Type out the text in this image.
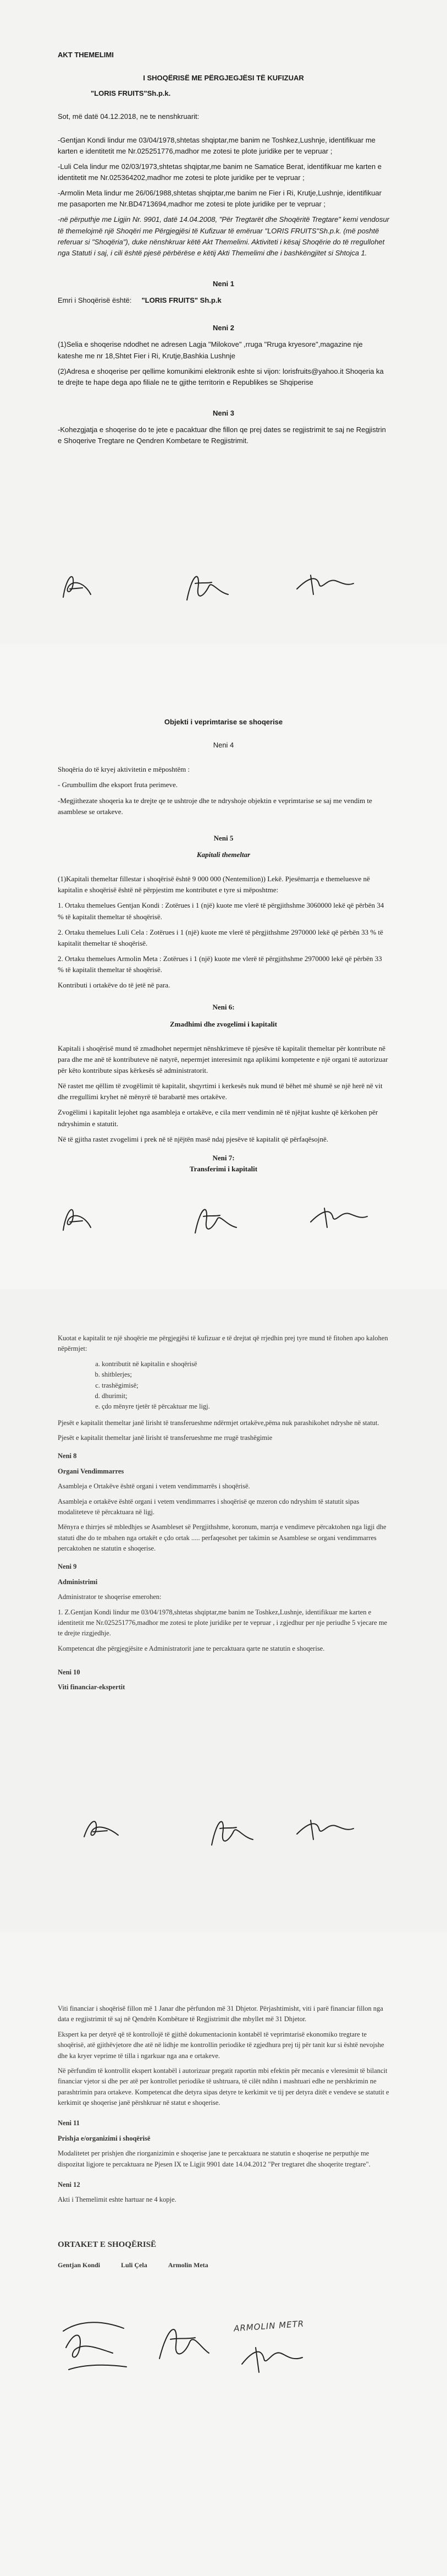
AKT THEMELIMI

I SHOQËRISË ME PËRGJEGJËSI TË KUFIZUAR

"LORIS FRUITS"Sh.p.k.

Sot, më datë 04.12.2018, ne te nenshkruarit:

-Gentjan Kondi lindur me 03/04/1978,shtetas shqiptar,me banim ne Toshkez,Lushnje, identifikuar me karten e identitetit me Nr.025251776,madhor me zotesi te plote juridike per te vepruar ;

-Luli Cela lindur me 02/03/1973,shtetas shqiptar,me banim ne Samatice Berat, identifikuar me karten e identitetit me Nr.025364202,madhor me zotesi te plote juridike per te vepruar ;

-Armolin Meta lindur me 26/06/1988,shtetas shqiptar,me banim ne Fier i Ri, Krutje,Lushnje, identifikuar me pasaporten me Nr.BD4713694,madhor me zotesi te plote juridike per te vepruar ;

-në përputhje me Ligjin Nr. 9901, datë 14.04.2008, "Për Tregtarët dhe Shoqëritë Tregtare" kemi vendosur të themelojmë një Shoqëri me Përgjegjësi të Kufizuar të emëruar "LORIS FRUITS"Sh.p.k. (më poshtë referuar si "Shoqëria"), duke nënshkruar këtë Akt Themelimi. Aktiviteti i kësaj Shoqërie do të rregullohet nga Statuti i saj, i cili është pjesë përbërëse e këtij Akti Themelimi dhe i bashkëngjitet si Shtojca 1.

Neni 1

Emri i Shoqërisë është: "LORIS FRUITS" Sh.p.k

Neni 2

(1)Selia e shoqerise ndodhet ne adresen Lagja "Milokove" ,rruga "Rruga kryesore",magazine nje kateshe me nr 18,Shtet Fier i Ri, Krutje,Bashkia Lushnje

(2)Adresa e shoqerise per qellime komunikimi elektronik eshte si vijon: lorisfruits@yahoo.it Shoqeria ka te drejte te hape dega apo filiale ne te gjithe territorin e Republikes se Shqiperise

Neni 3

-Kohezgjatja e shoqerise do te jete e pacaktuar dhe fillon qe prej dates se regjistrimit te saj ne Regjistrin e Shoqerive Tregtare ne Qendren Kombetare te Regjistrimit.

Objekti i veprimtarise se shoqerise
Neni 4

Shoqëria do të kryej aktivitetin e mëposhtëm :

- Grumbullim dhe eksport fruta perimeve.

-Megjithezate shoqeria ka te drejte qe te ushtroje dhe te ndryshoje objektin e veprimtarise se saj me vendim te asamblese se ortakeve.

Neni 5
Kapitali themeltar

(1)Kapitali themeltar fillestar i shoqërisë është 9 000 000 (Nentemilion)) Lekë. Pjesëmarrja e themeluesve në kapitalin e shoqërisë është në përpjestim me kontributet e tyre si mëposhtme:

1. Ortaku themelues Gentjan Kondi : Zotërues i 1 (një) kuote me vlerë të përgjithshme 3060000 lekë që përbën 34 % të kapitalit themeltar të shoqërisë.

2. Ortaku themelues Luli Cela : Zotërues i 1 (një) kuote me vlerë të përgjithshme 2970000 lekë që përbën 33 % të kapitalit themeltar të shoqërisë.

2. Ortaku themelues Armolin Meta : Zotërues i 1 (një) kuote me vlerë të përgjithshme 2970000 lekë që përbën 33 % të kapitalit themeltar të shoqërisë.

Kontributi i ortakëve do të jetë në para.

Neni 6:
Zmadhimi dhe zvogelimi i kapitalit

Kapitali i shoqërisë mund të zmadhohet nepermjet nënshkrimeve të pjesëve të kapitalit themeltar për kontribute në para dhe me anë të kontributeve në natyrë, nepermjet interesimit nga aplikimi kompetente e një organi të autorizuar për këto kontribute sipas kërkesës së administratorit.

Në rastet me qëllim të zvogëlimit të kapitalit, shqyrtimi i kerkesës nuk mund të bëhet më shumë se një herë në vit dhe rregullimi kryhet në mënyrë të barabartë mes ortakëve.

Zvogëlimi i kapitalit lejohet nga asambleja e ortakëve, e cila merr vendimin në të njëjtat kushte që kërkohen për ndryshimin e statutit.

Në të gjitha rastet zvogelimi i prek në të njëjtën masë ndaj pjesëve të kapitalit që përfaqësojnë.

Neni 7:
Transferimi i kapitalit

Kuotat e kapitalit te një shoqërie me përgjegjësi të kufizuar e të drejtat që rrjedhin prej tyre mund të fitohen apo kalohen nëpërmjet:

a. kontributit në kapitalin e shoqërisë
b. shitblerjes;
c. trashëgimisë;
d. dhurimit;
e. çdo mënyre tjetër të përcaktuar me ligj.

Pjesët e kapitalit themeltar janë lirisht të transferueshme ndërmjet ortakëve,pëma nuk parashikohet ndryshe në statut.

Pjesët e kapitalit themeltar janë lirisht të transferueshme me rrugë trashëgimie

Neni 8

Organi Vendimmarres

Asambleja e Ortakëve është organi i vetem vendimmarrës i shoqërisë.

Asambleja e ortakëve është organi i vetem vendimmarres i shoqërisë qe mzeron cdo ndryshim të statutit sipas modaliteteve të përcaktuara në ligj.

Mënyra e thirrjes së mbledhjes se Asambleset së Pergjithshme, koronum, marrja e vendimeve përcaktohen nga ligji dhe statuti dhe do te mbahen nga ortakët e çdo ortak ..... perfaqesohet per takimin se Asamblese se organi vendimmarres percaktohen ne statutin e shoqerise.

Neni 9

Administrimi

Administrator te shoqerise emerohen:

1. Z.Gentjan Kondi lindur me 03/04/1978,shtetas shqiptar,me banim ne Toshkez,Lushnje, identifikuar me karten e identitetit me Nr.025251776,madhor me zotesi te plote juridike per te vepruar , i zgjedhur per nje periudhe 5 vjecare me te drejte rizgjedhje.

Kompetencat dhe përgjegjësite e Administratorit jane te percaktuara qarte ne statutin e shoqerise.

Neni 10

Viti financiar-ekspertit

Viti financiar i shoqërisë fillon më 1 Janar dhe përfundon më 31 Dhjetor. Përjashtimisht, viti i parë financiar fillon nga data e regjistrimit të saj në Qendrën Kombëtare të Regjistrimit dhe mbyllet më 31 Dhjetor.

Ekspert ka per detyrë që të kontrollojë të gjithë dokumentacionin kontabël të veprimtarisë ekonomiko tregtare te shoqërisë, atë gjithëvjetore dhe atë në lidhje me kontrollin periodike të zgjedhura prej tij për tanit kur si është nevojshe dhe ka kryer veprime të tilla i ngarkuar nga ana e ortakeve.

Në përfundim të kontrollit ekspert kontabël i autorizuar pregatit raportin mbi efektin për mecanis e vleresimit të bilancit financiar vjetor si dhe per atë per kontrollet periodike të ushtruara, të cilët ndihn i mashtuari edhe ne pershkrimin ne parashtrimin para ortakeve. Kompetencat dhe detyra sipas detyre te kerkimit ve tij per detyra ditët e vendeve se statutit e kerkimit qe shoqerise janë përshkruar në statut e shoqerise.

Neni 11

Prishja e/organizimi i shoqërisë

Modalitetet per prishjen dhe riorganizimin e shoqerise jane te percaktuara ne statutin e shoqerise ne perputhje me dispozitat ligjore te percaktuara ne Pjesen IX te Ligjit 9901 date 14.04.2012 "Per tregtaret dhe shoqerite tregtare".

Neni 12

Akti i Themelimit eshte hartuar ne 4 kopje.

ORTAKET E SHOQËRISË
Gentjan Kondi	Luli Çela	Armolin Meta
ARMOLIN METR
